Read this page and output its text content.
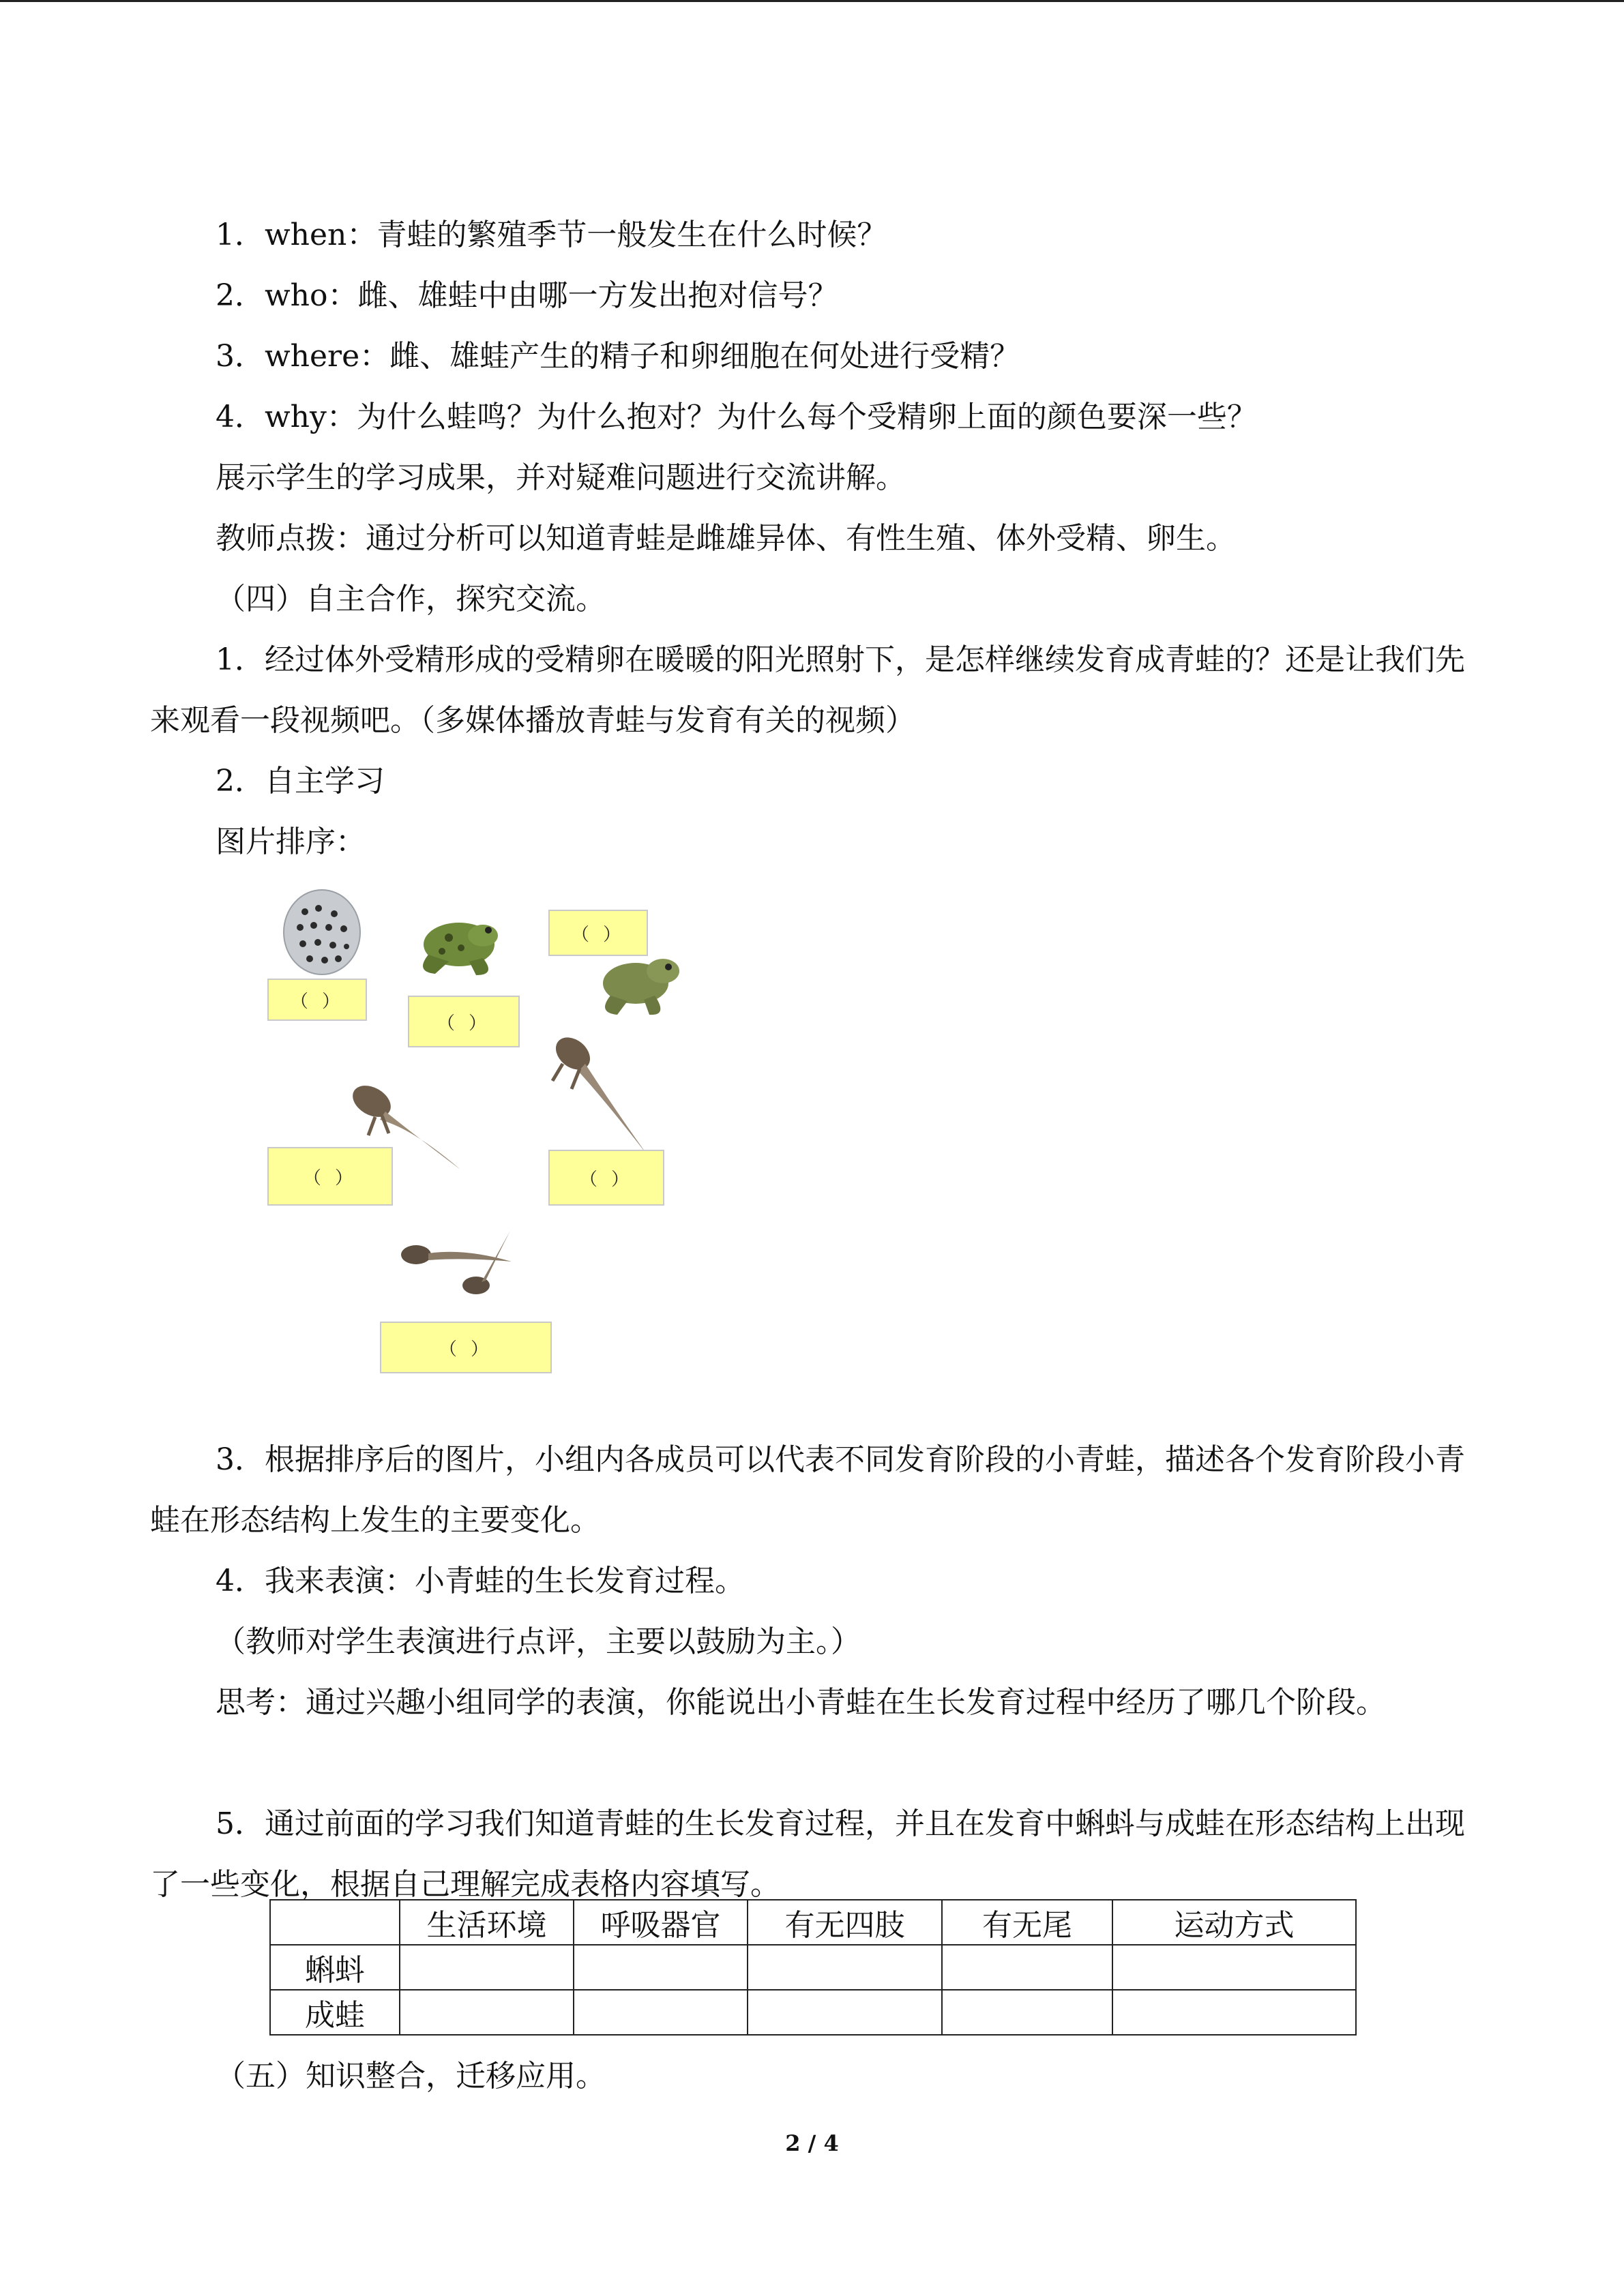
1．when：青蛙的繁殖季节一般发生在什么时候？

2．who：雌、雄蛙中由哪一方发出抱对信号？

3．where：雌、雄蛙产生的精子和卵细胞在何处进行受精？

4．why：为什么蛙鸣？为什么抱对？为什么每个受精卵上面的颜色要深一些？

展示学生的学习成果，并对疑难问题进行交流讲解。

教师点拨：通过分析可以知道青蛙是雌雄异体、有性生殖、体外受精、卵生。

（四）自主合作，探究交流。

1．经过体外受精形成的受精卵在暖暖的阳光照射下，是怎样继续发育成青蛙的？还是让我们先来观看一段视频吧。（多媒体播放青蛙与发育有关的视频）

2．自主学习

图片排序：

（ ）
（ ）
（ ）
（ ）	（ ）
（ ）

3．根据排序后的图片，小组内各成员可以代表不同发育阶段的小青蛙，描述各个发育阶段小青蛙在形态结构上发生的主要变化。

4．我来表演：小青蛙的生长发育过程。

（教师对学生表演进行点评，主要以鼓励为主。）

思考：通过兴趣小组同学的表演，你能说出小青蛙在生长发育过程中经历了哪几个阶段。

5．通过前面的学习我们知道青蛙的生长发育过程，并且在发育中蝌蚪与成蛙在形态结构上出现了一些变化，根据自己理解完成表格内容填写。

	生活环境	呼吸器官	有无四肢	有无尾	运动方式
蝌蚪					
成蛙					

（五）知识整合，迁移应用。

2 / 4
